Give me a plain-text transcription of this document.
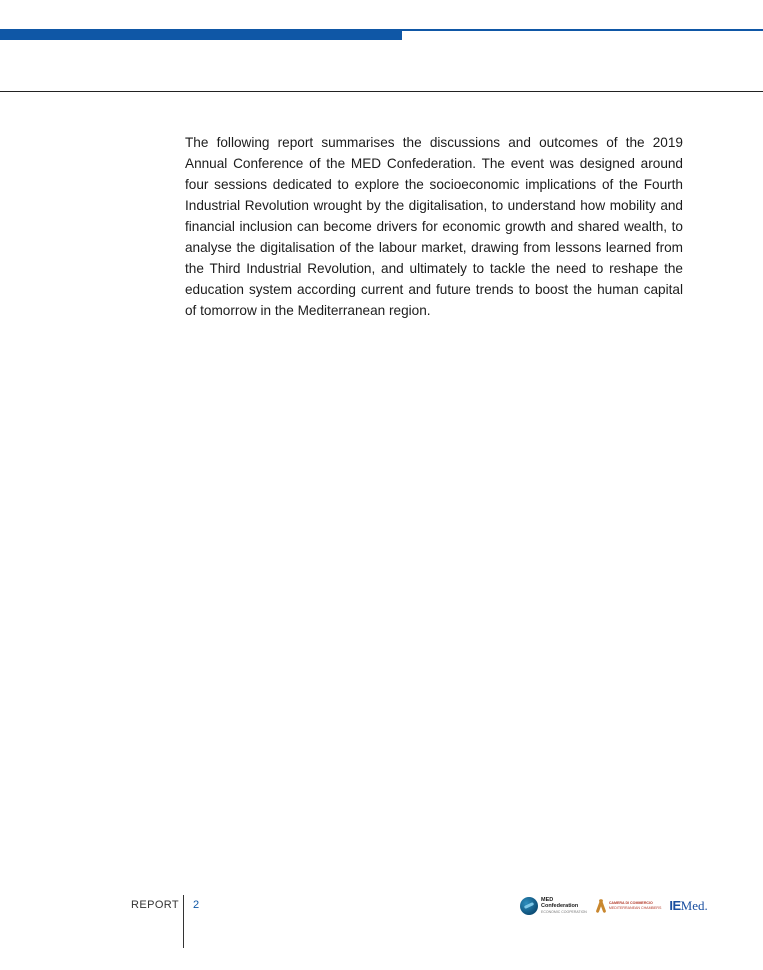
The following report summarises the discussions and outcomes of the 2019 Annual Conference of the MED Confederation. The event was designed around four sessions dedicated to explore the socioeconomic implications of the Fourth Industrial Revolution wrought by the digitalisation, to understand how mobility and financial inclusion can become drivers for economic growth and shared wealth, to analyse the digitalisation of the labour market, drawing from lessons learned from the Third Industrial Revolution, and ultimately to tackle the need to reshape the education system according current and future trends to boost the human capital of tomorrow in the Mediterranean region.

REPORT 2	MED
Confederation
ECONOMIC COOPERATION
CAMERA DI COMMERCIO
MEDITERRANEAN CHAMBERS IE Med.
